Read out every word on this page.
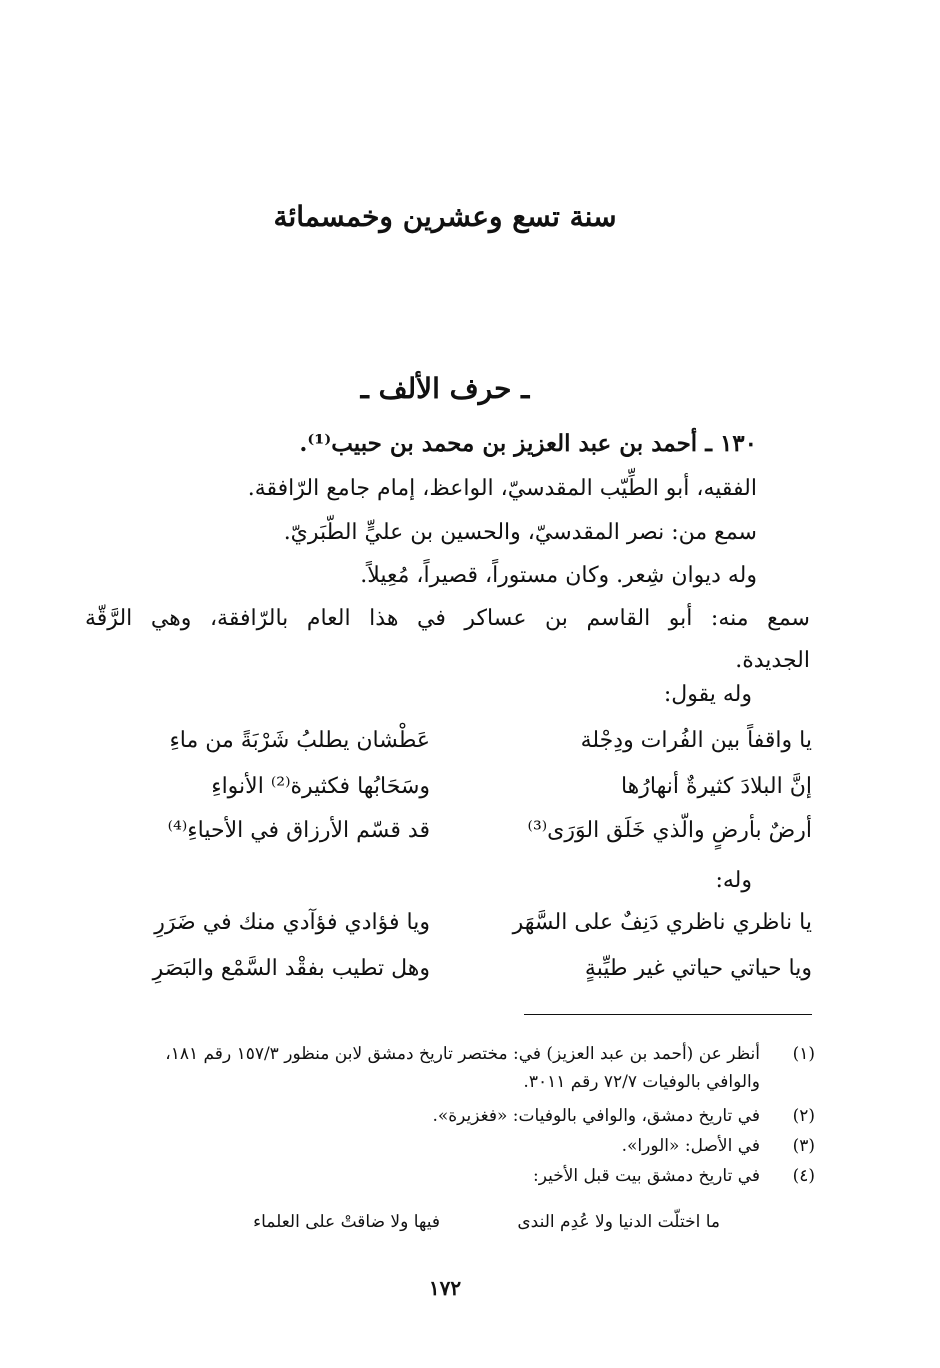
سنة تسع وعشرين وخمسمائة
ـ حرف الألف ـ
١٣٠ ـ أحمد بن عبد العزيز بن محمد بن حبيب⁽¹⁾.
الفقيه، أبو الطِّيّب المقدسيّ، الواعظ، إمام جامع الرّافقة.
سمع من: نصر المقدسيّ، والحسين بن عليٍّ الطّبَريّ.
وله ديوان شِعر. وكان مستوراً، قصيراً، مُعِيلاً.
سمع منه: أبو القاسم بن عساكر في هذا العام بالرّافقة، وهي الرَّقّة
الجديدة.
وله يقول:
يا واقفاً بين الفُرات ودِجْلة
عَطْشان يطلبُ شَرْبَةً من ماءِ
إنَّ البلادَ كثيرةٌ أنهارُها
وسَحَابُها فكثيرة⁽²⁾ الأنواءِ
أرضٌ بأرضٍ والّذي خَلَق الوَرَى⁽³⁾
قد قسّم الأرزاق في الأحياءِ⁽⁴⁾
وله:
يا ناظري ناظري دَنِفٌ على السَّهَر
ويا فؤادي فؤآدي منك في ضَرَرِ
ويا حياتي حياتي غير طيِّبةٍ
وهل تطيب بفقْد السَّمْع والبَصَرِ
(١)
أنظر عن (أحمد بن عبد العزيز) في: مختصر تاريخ دمشق لابن منظور ١٥٧/٣ رقم ١٨١،
والوافي بالوفيات ٧٢/٧ رقم ٣٠١١.
(٢)
في تاريخ دمشق، والوافي بالوفيات: «فغزيرة».
(٣)
في الأصل: «الورا».
(٤)
في تاريخ دمشق بيت قبل الأخير:
ما اختلّت الدنيا ولا عُدِم الندى
فيها ولا ضاقتْ على العلماء
١٧٢
